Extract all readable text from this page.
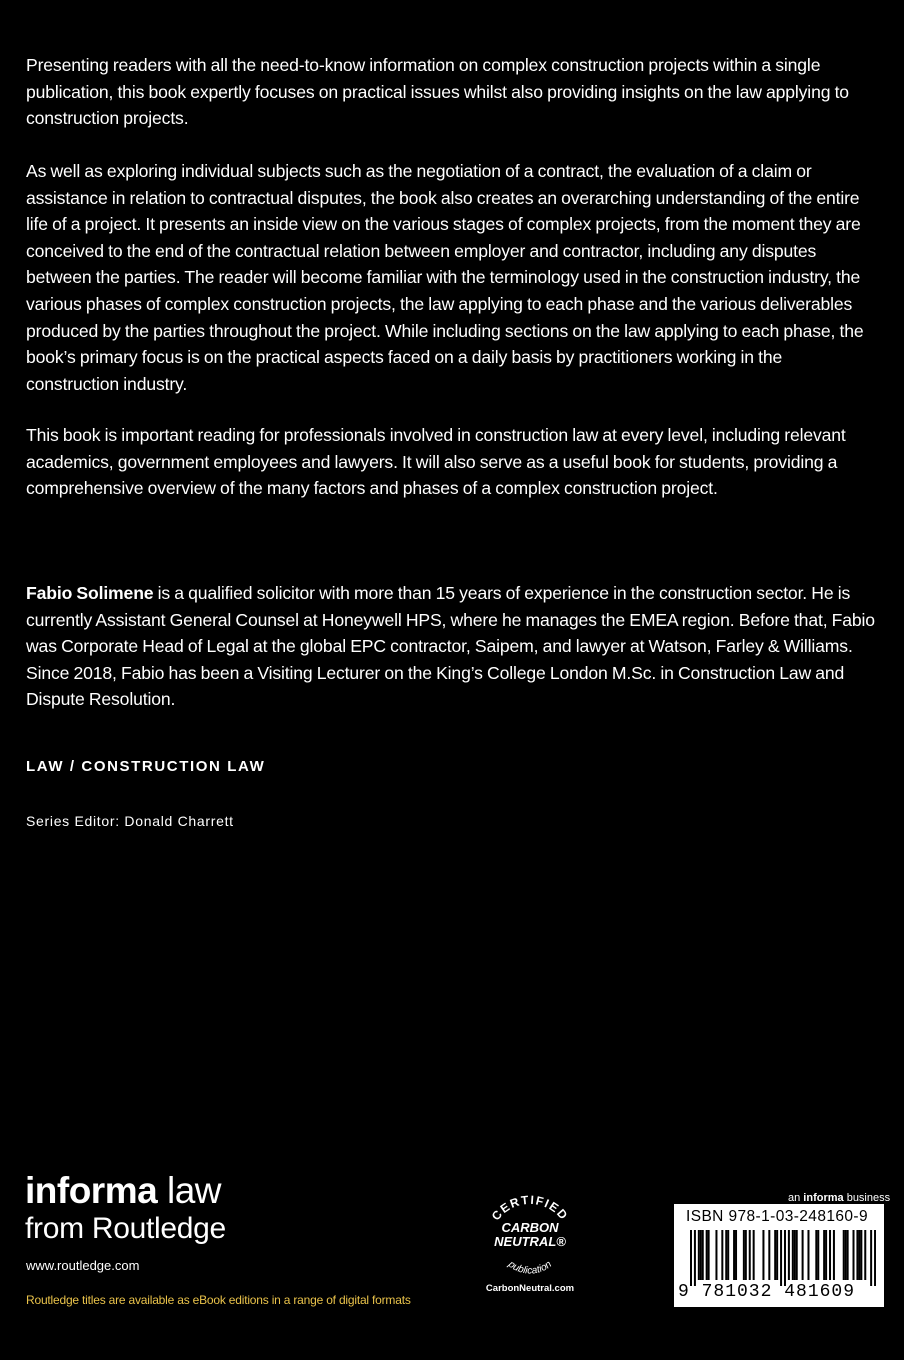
Presenting readers with all the need-to-know information on complex construction projects within a single publication, this book expertly focuses on practical issues whilst also providing insights on the law applying to construction projects.

As well as exploring individual subjects such as the negotiation of a contract, the evaluation of a claim or assistance in relation to contractual disputes, the book also creates an overarching understanding of the entire life of a project. It presents an inside view on the various stages of complex projects, from the moment they are conceived to the end of the contractual relation between employer and contractor, including any disputes between the parties. The reader will become familiar with the terminology used in the construction industry, the various phases of complex construction projects, the law applying to each phase and the various deliverables produced by the parties throughout the project. While including sections on the law applying to each phase, the book’s primary focus is on the practical aspects faced on a daily basis by practitioners working in the construction industry.

This book is important reading for professionals involved in construction law at every level, including relevant academics, government employees and lawyers. It will also serve as a useful book for students, providing a comprehensive overview of the many factors and phases of a complex construction project.

Fabio Solimene is a qualified solicitor with more than 15 years of experience in the construction sector. He is currently Assistant General Counsel at Honeywell HPS, where he manages the EMEA region. Before that, Fabio was Corporate Head of Legal at the global EPC contractor, Saipem, and lawyer at Watson, Farley & Williams. Since 2018, Fabio has been a Visiting Lecturer on the King’s College London M.Sc. in Construction Law and Dispute Resolution.

LAW / CONSTRUCTION LAW

Series Editor: Donald Charrett

informa law
from Routledge
www.routledge.com
Routledge titles are available as eBook editions in a range of digital formats
CERTIFIED
CARBON
NEUTRAL®
publication
CarbonNeutral.com
an informa business
ISBN 978-1-03-248160-9
9 781032 481609
